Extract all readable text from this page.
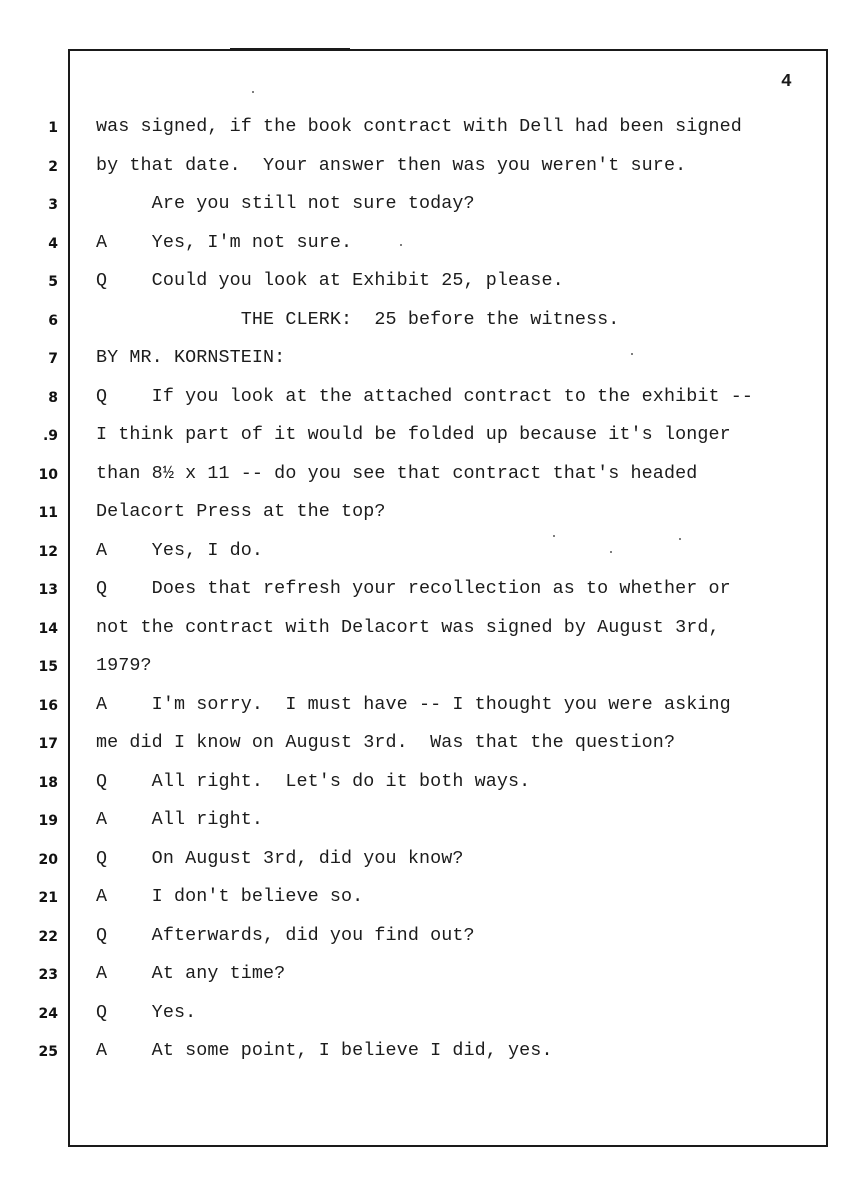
4
1 was signed, if the book contract with Dell had been signed
2 by that date.  Your answer then was you weren't sure.
3 Are you still not sure today?
4 A    Yes, I'm not sure.
5 Q    Could you look at Exhibit 25, please.
6 THE CLERK:  25 before the witness.
7 BY MR. KORNSTEIN:
8 Q    If you look at the attached contract to the exhibit --
.9 I think part of it would be folded up because it's longer
10 than 8½ x 11 -- do you see that contract that's headed
11 Delacort Press at the top?
12 A    Yes, I do.
13 Q    Does that refresh your recollection as to whether or
14 not the contract with Delacort was signed by August 3rd,
15 1979?
16 A    I'm sorry.  I must have -- I thought you were asking
17 me did I know on August 3rd.  Was that the question?
18 Q    All right.  Let's do it both ways.
19 A    All right.
20 Q    On August 3rd, did you know?
21 A    I don't believe so.
22 Q    Afterwards, did you find out?
23 A    At any time?
24 Q    Yes.
25 A    At some point, I believe I did, yes.
